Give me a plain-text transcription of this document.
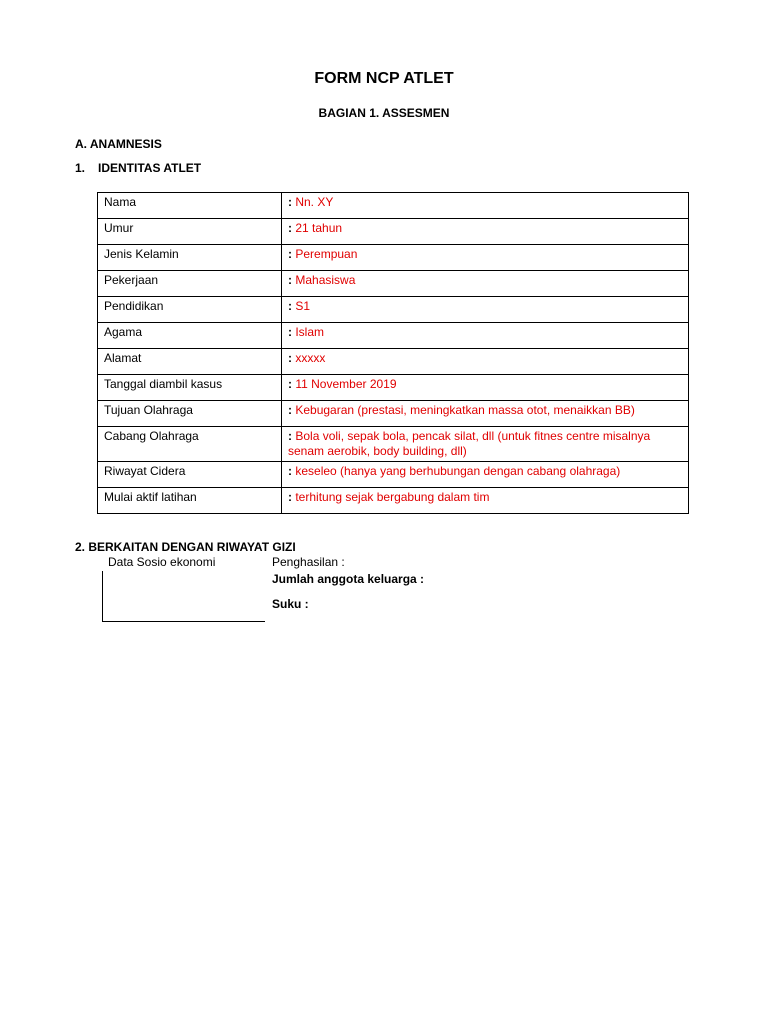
FORM NCP ATLET
BAGIAN 1. ASSESMEN
A. ANAMNESIS
1. IDENTITAS ATLET
Nama	: Nn. XY
Umur	: 21 tahun
Jenis Kelamin	: Perempuan
Pekerjaan	: Mahasiswa
Pendidikan	: S1
Agama	: Islam
Alamat	: xxxxx
Tanggal diambil kasus	: 11 November 2019
Tujuan Olahraga	: Kebugaran (prestasi, meningkatkan massa otot, menaikkan BB)
Cabang Olahraga	: Bola voli, sepak bola, pencak silat, dll (untuk fitnes centre misalnya senam aerobik, body building, dll)
Riwayat Cidera	: keseleo (hanya yang berhubungan dengan cabang olahraga)
Mulai aktif latihan	: terhitung sejak bergabung dalam tim
2. BERKAITAN DENGAN RIWAYAT GIZI
Data Sosio ekonomi	Penghasilan :
Jumlah anggota keluarga :
Suku :
